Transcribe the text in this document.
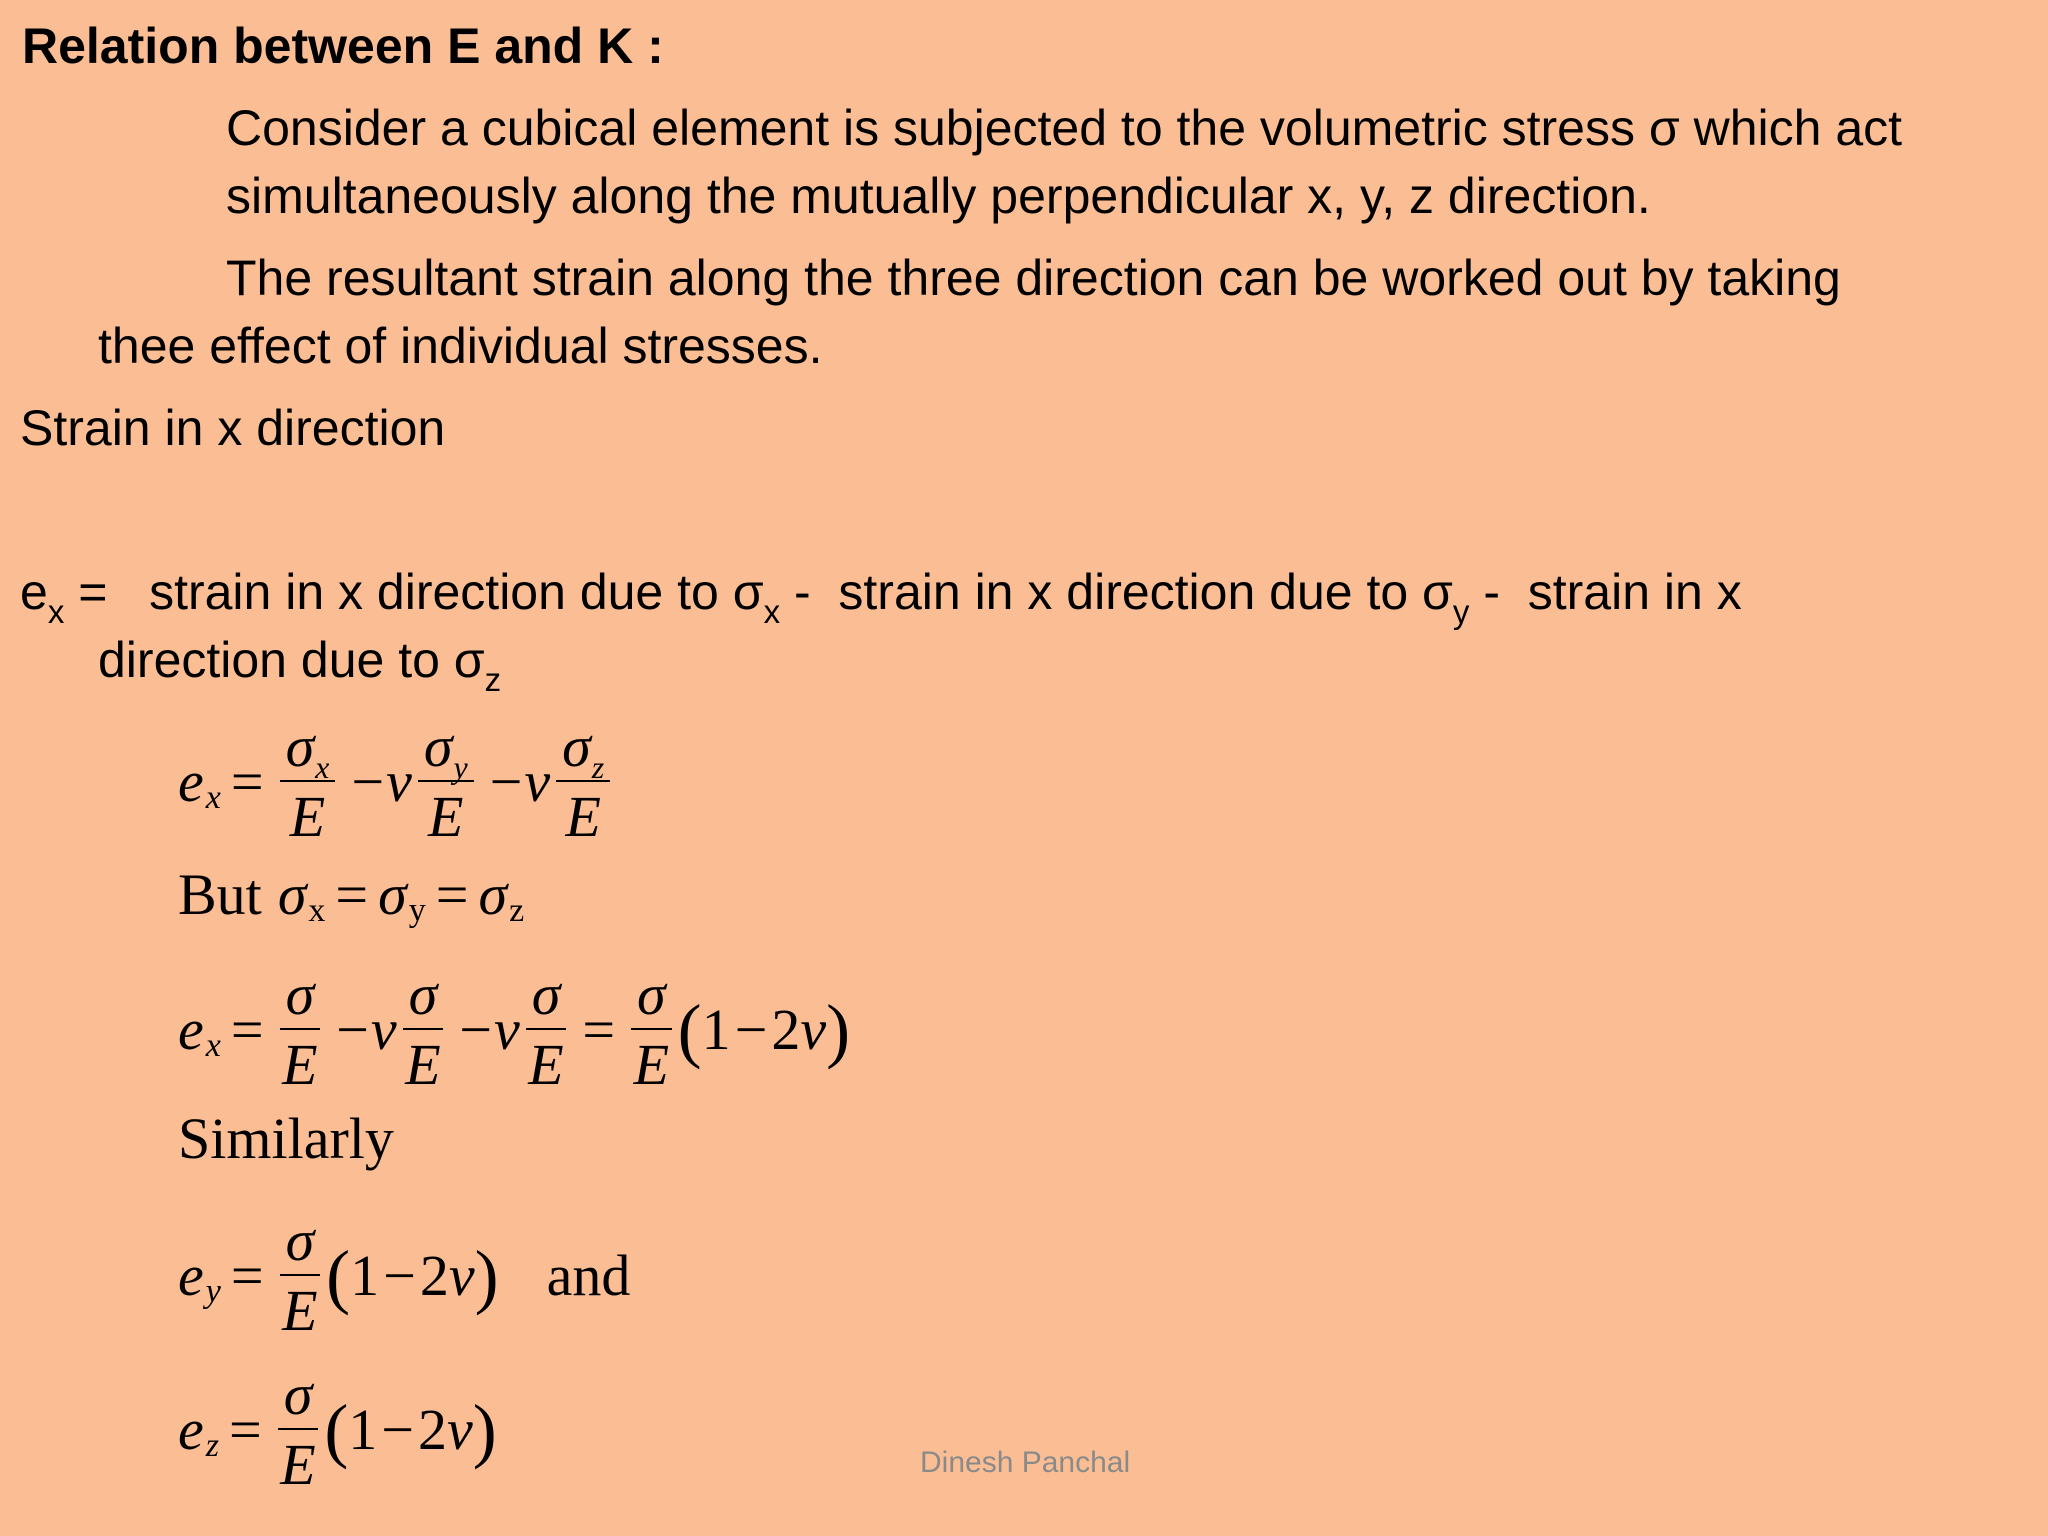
Relation between E and K :
Consider a cubical element is subjected to the volumetric stress σ which act
simultaneously along the mutually perpendicular x, y, z direction.
The resultant strain along the three direction can be worked out by taking
thee effect of individual stresses.
Strain in x direction
$e_x$ =   strain in x direction due to $\sigma_x$ -  strain in x direction due to $\sigma_y$ -  strain in x
direction due to $\sigma_z$
e $x = \frac{\sigma_x}{E} - v \frac{\sigma_y}{E} - v \frac{\sigma_z}{E}$
But σ x = σ y = σ z
e $x = \frac{\sigma}{E} - v \frac{\sigma}{E} - v \frac{\sigma}{E} = \frac{\sigma}{E}$ ( 1 − 2 v )
Similarly
e $y = \frac{\sigma}{E}$ ( 1 − 2 v ) and
e $z = \frac{\sigma}{E}$ ( 1 − 2 v )	Dinesh Panchal
